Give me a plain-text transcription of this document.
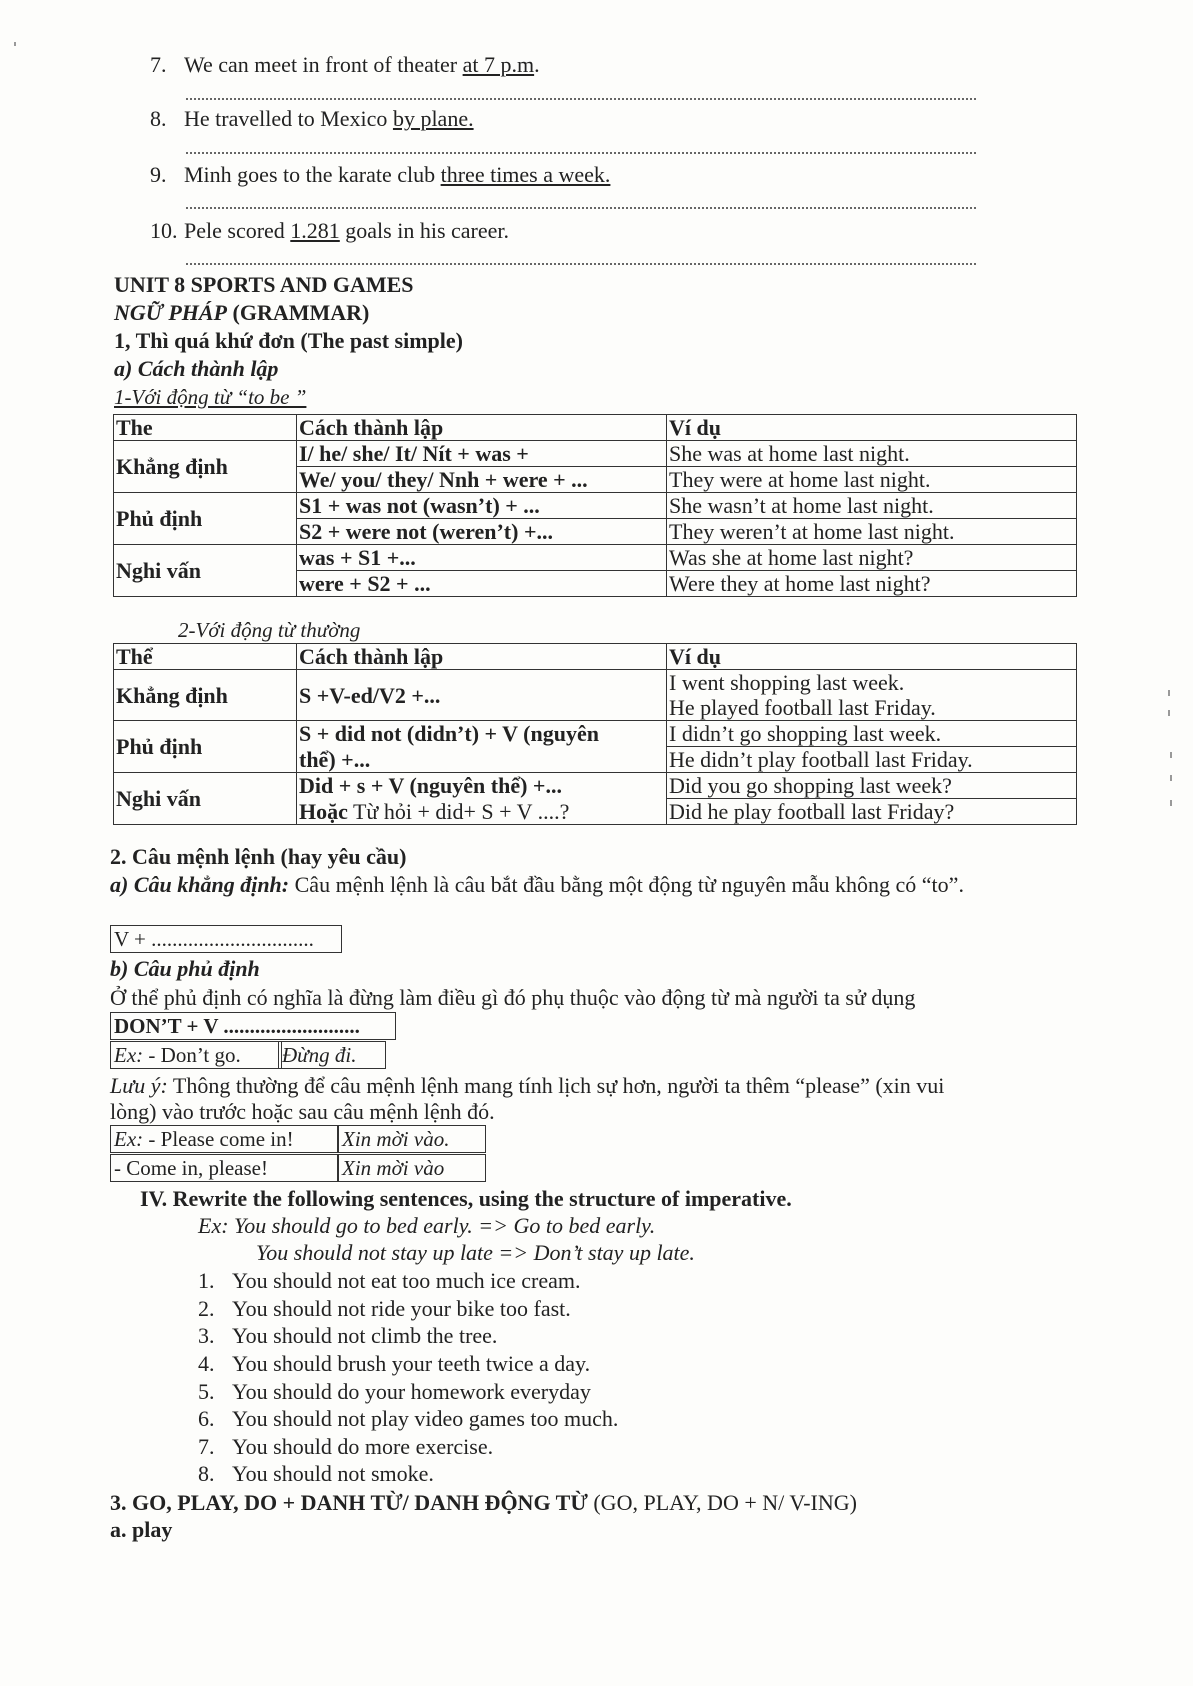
7. We can meet in front of theater at 7 p.m.
8. He travelled to Mexico by plane.
9. Minh goes to the karate club three times a week.
10. Pele scored 1.281 goals in his career.
UNIT 8 SPORTS AND GAMES
NGỮ PHÁP (GRAMMAR)
1, Thì quá khứ đơn (The past simple)
a) Cách thành lập
1-Với động từ “to be ”
The	Cách thành lập	Ví dụ
Khẳng định	I/ he/ she/ It/ Nít + was +	She was at home last night.
	We/ you/ they/ Nnh + were + ...	They were at home last night.
Phủ định	S1 + was not (wasn’t) + ...	She wasn’t at home last night.
	S2 + were not (weren’t) +...	They weren’t at home last night.
Nghi vấn	was + S1 +...	Was she at home last night?
	were + S2 + ...	Were they at home last night?
2-Với động từ thường
Thể	Cách thành lập	Ví dụ
Khẳng định	S +V-ed/V2 +...	I went shopping last week.
		He played football last Friday.
Phủ định	S + did not (didn’t) + V (nguyên	I didn’t go shopping last week.
	thể) +...	He didn’t play football last Friday.
Nghi vấn	Did + s + V (nguyên thể) +...	Did you go shopping last week?
	Hoặc Từ hỏi + did+ S + V ....?	Did he play football last Friday?
2. Câu mệnh lệnh (hay yêu cầu)
a) Câu khẳng định: Câu mệnh lệnh là câu bắt đầu bằng một động từ nguyên mẫu không có “to”.
V + ...............................
b) Câu phủ định
Ở thể phủ định có nghĩa là đừng làm điều gì đó phụ thuộc vào động từ mà người ta sử dụng
DON’T + V ..........................
Ex: - Don’t go.	Đừng đi.
Lưu ý: Thông thường để câu mệnh lệnh mang tính lịch sự hơn, người ta thêm “please” (xin vui
lòng) vào trước hoặc sau câu mệnh lệnh đó.
Ex: - Please come in!	Xin mời vào.
- Come in, please!	Xin mời vào
IV. Rewrite the following sentences, using the structure of imperative.
Ex: You should go to bed early. => Go to bed early.
You should not stay up late => Don’t stay up late.
1. You should not eat too much ice cream.
2. You should not ride your bike too fast.
3. You should not climb the tree.
4. You should brush your teeth twice a day.
5. You should do your homework everyday
6. You should not play video games too much.
7. You should do more exercise.
8. You should not smoke.
3. GO, PLAY, DO + DANH TỪ/ DANH ĐỘNG TỪ (GO, PLAY, DO + N/ V-ING)
a. play
